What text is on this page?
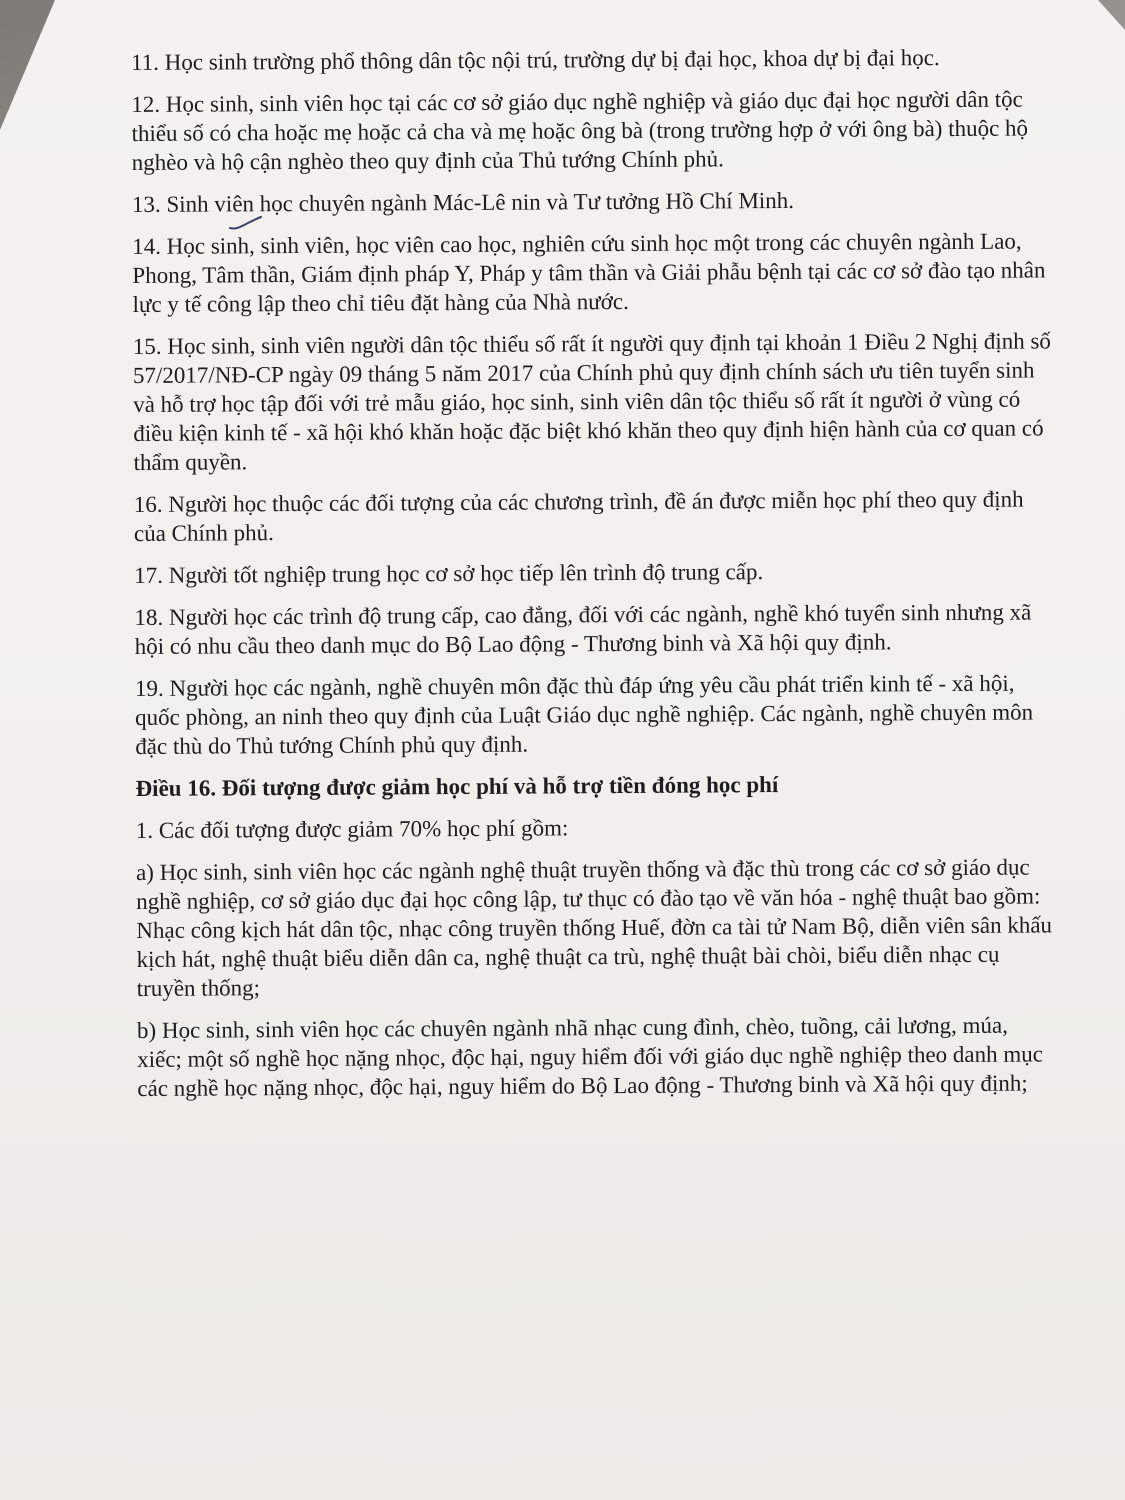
11. Học sinh trường phổ thông dân tộc nội trú, trường dự bị đại học, khoa dự bị đại học.

12. Học sinh, sinh viên học tại các cơ sở giáo dục nghề nghiệp và giáo dục đại học người dân tộc thiểu số có cha hoặc mẹ hoặc cả cha và mẹ hoặc ông bà (trong trường hợp ở với ông bà) thuộc hộ nghèo và hộ cận nghèo theo quy định của Thủ tướng Chính phủ.

13. Sinh viên học chuyên ngành Mác-Lê nin và Tư tưởng Hồ Chí Minh.

14. Học sinh, sinh viên, học viên cao học, nghiên cứu sinh học một trong các chuyên ngành Lao, Phong, Tâm thần, Giám định pháp Y, Pháp y tâm thần và Giải phẫu bệnh tại các cơ sở đào tạo nhân lực y tế công lập theo chỉ tiêu đặt hàng của Nhà nước.

15. Học sinh, sinh viên người dân tộc thiểu số rất ít người quy định tại khoản 1 Điều 2 Nghị định số 57/2017/NĐ-CP ngày 09 tháng 5 năm 2017 của Chính phủ quy định chính sách ưu tiên tuyển sinh và hỗ trợ học tập đối với trẻ mẫu giáo, học sinh, sinh viên dân tộc thiểu số rất ít người ở vùng có điều kiện kinh tế - xã hội khó khăn hoặc đặc biệt khó khăn theo quy định hiện hành của cơ quan có thẩm quyền.

16. Người học thuộc các đối tượng của các chương trình, đề án được miễn học phí theo quy định của Chính phủ.

17. Người tốt nghiệp trung học cơ sở học tiếp lên trình độ trung cấp.

18. Người học các trình độ trung cấp, cao đẳng, đối với các ngành, nghề khó tuyển sinh nhưng xã hội có nhu cầu theo danh mục do Bộ Lao động - Thương binh và Xã hội quy định.

19. Người học các ngành, nghề chuyên môn đặc thù đáp ứng yêu cầu phát triển kinh tế - xã hội, quốc phòng, an ninh theo quy định của Luật Giáo dục nghề nghiệp. Các ngành, nghề chuyên môn đặc thù do Thủ tướng Chính phủ quy định.

Điều 16. Đối tượng được giảm học phí và hỗ trợ tiền đóng học phí

1. Các đối tượng được giảm 70% học phí gồm:

a) Học sinh, sinh viên học các ngành nghệ thuật truyền thống và đặc thù trong các cơ sở giáo dục nghề nghiệp, cơ sở giáo dục đại học công lập, tư thục có đào tạo về văn hóa - nghệ thuật bao gồm: Nhạc công kịch hát dân tộc, nhạc công truyền thống Huế, đờn ca tài tử Nam Bộ, diễn viên sân khấu kịch hát, nghệ thuật biểu diễn dân ca, nghệ thuật ca trù, nghệ thuật bài chòi, biểu diễn nhạc cụ truyền thống;

b) Học sinh, sinh viên học các chuyên ngành nhã nhạc cung đình, chèo, tuồng, cải lương, múa, xiếc; một số nghề học nặng nhọc, độc hại, nguy hiểm đối với giáo dục nghề nghiệp theo danh mục các nghề học nặng nhọc, độc hại, nguy hiểm do Bộ Lao động - Thương binh và Xã hội quy định;
